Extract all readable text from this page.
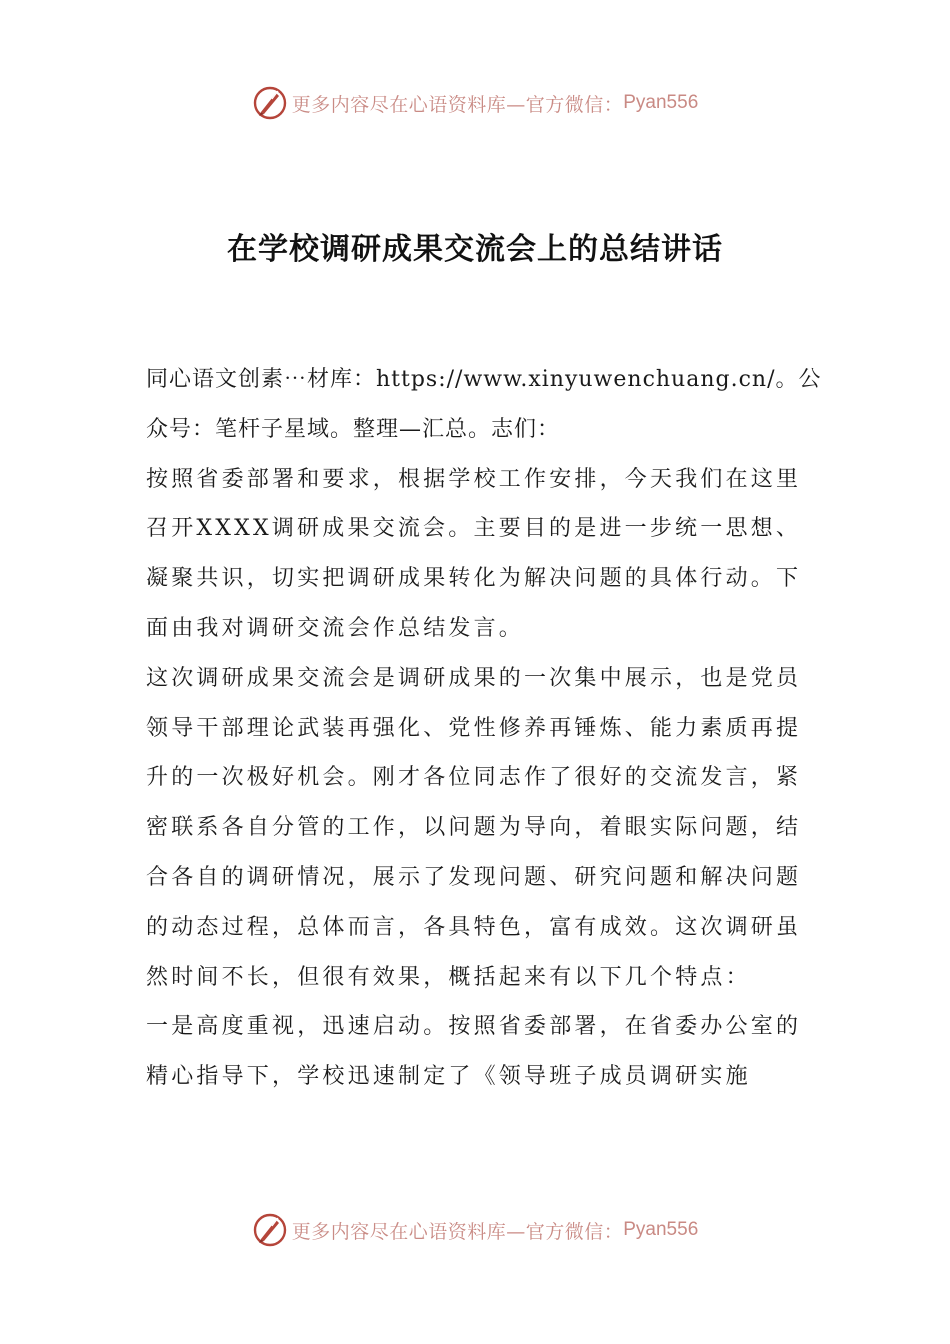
更多内容尽在心语资料库—官方微信： Pyan556
在学校调研成果交流会上的总结讲话

同心语文创素⋯材库：https://www.xinyuwenchuang.cn/。公众号：笔杆子星域。整理—汇总。志们：

按照省委部署和要求，根据学校工作安排，今天我们在这里召开XXXX调研成果交流会。主要目的是进一步统一思想、凝聚共识，切实把调研成果转化为解决问题的具体行动。下面由我对调研交流会作总结发言。

这次调研成果交流会是调研成果的一次集中展示，也是党员领导干部理论武装再强化、党性修养再锤炼、能力素质再提升的一次极好机会。刚才各位同志作了很好的交流发言，紧密联系各自分管的工作，以问题为导向，着眼实际问题，结合各自的调研情况，展示了发现问题、研究问题和解决问题的动态过程，总体而言，各具特色，富有成效。这次调研虽然时间不长，但很有效果，概括起来有以下几个特点：

一是高度重视，迅速启动。按照省委部署，在省委办公室的精心指导下，学校迅速制定了《领导班子成员调研实施

更多内容尽在心语资料库—官方微信： Pyan556
